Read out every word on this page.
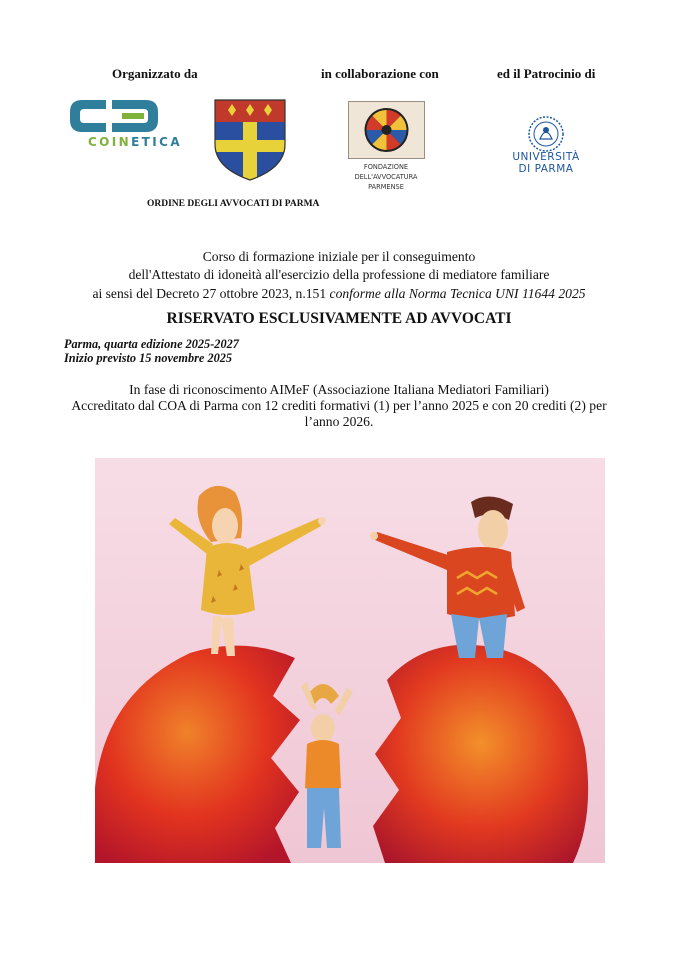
Organizzato da	in collaborazione con	ed il Patrocinio di
COINETICA
ORDINE DEGLI AVVOCATI DI PARMA
FONDAZIONE
DELL'AVVOCATURA
PARMENSE
UNIVERSITÀ
DI PARMA
Corso di formazione iniziale per il conseguimento
dell'Attestato di idoneità all'esercizio della professione di mediatore familiare
ai sensi del Decreto 27 ottobre 2023, n.151 conforme alla Norma Tecnica UNI 11644 2025
RISERVATO ESCLUSIVAMENTE AD AVVOCATI
Parma, quarta edizione 2025-2027
Inizio previsto 15 novembre 2025
In fase di riconoscimento AIMeF (Associazione Italiana Mediatori Familiari)
Accreditato dal COA di Parma con 12 crediti formativi (1) per l’anno 2025 e con 20 crediti (2) per
l’anno 2026.
